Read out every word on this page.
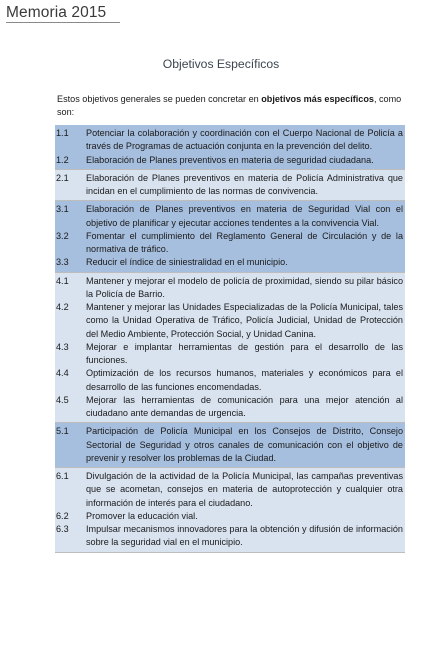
Memoria 2015
Objetivos Específicos
Estos objetivos generales se pueden concretar en objetivos más específicos, como son:
1.1 Potenciar la colaboración y coordinación con el Cuerpo Nacional de Policía a través de Programas de actuación conjunta en la prevención del delito.
1.2 Elaboración de Planes preventivos en materia de seguridad ciudadana.
2.1 Elaboración de Planes preventivos en materia de Policía Administrativa que incidan en el cumplimiento de las normas de convivencia.
3.1 Elaboración de Planes preventivos en materia de Seguridad Vial con el objetivo de planificar y ejecutar acciones tendentes a la convivencia Vial.
3.2 Fomentar el cumplimiento del Reglamento General de Circulación y de la normativa de tráfico.
3.3 Reducir el índice de siniestralidad en el municipio.
4.1 Mantener y mejorar el modelo de policía de proximidad, siendo su pilar básico la Policía de Barrio.
4.2 Mantener y mejorar las Unidades Especializadas de la Policía Municipal, tales como la Unidad Operativa de Tráfico, Policía Judicial, Unidad de Protección del Medio Ambiente, Protección Social, y Unidad Canina.
4.3 Mejorar e implantar herramientas de gestión para el desarrollo de las funciones.
4.4 Optimización de los recursos humanos, materiales y económicos para el desarrollo de las funciones encomendadas.
4.5 Mejorar las herramientas de comunicación para una mejor atención al ciudadano ante demandas de urgencia.
5.1 Participación de Policía Municipal en los Consejos de Distrito, Consejo Sectorial de Seguridad y otros canales de comunicación con el objetivo de prevenir y resolver los problemas de la Ciudad.
6.1 Divulgación de la actividad de la Policía Municipal, las campañas preventivas que se acometan, consejos en materia de autoprotección y cualquier otra información de interés para el ciudadano.
6.2 Promover la educación vial.
6.3 Impulsar mecanismos innovadores para la obtención y difusión de información sobre la seguridad vial en el municipio.
